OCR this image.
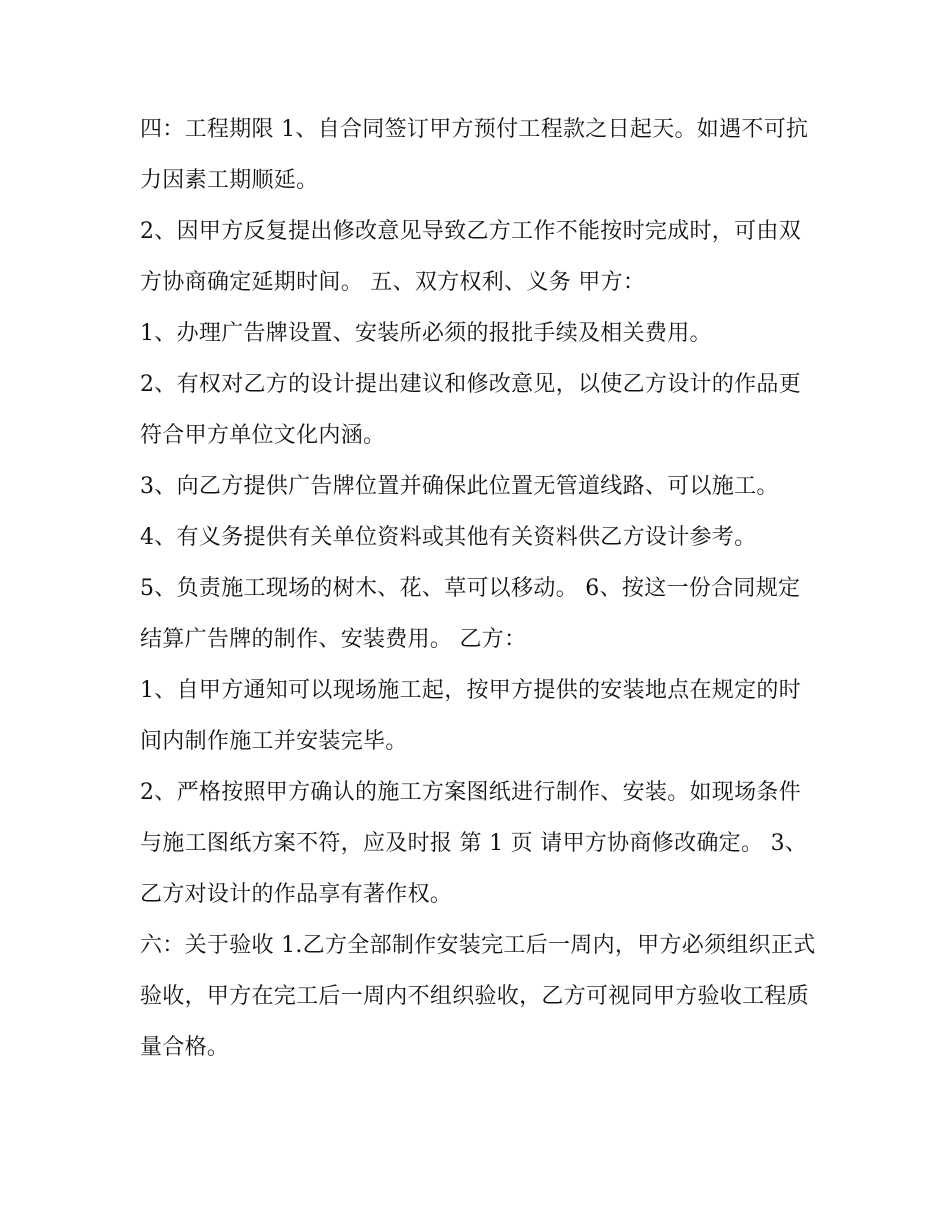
四：工程期限 1、自合同签订甲方预付工程款之日起天。如遇不可抗力因素工期顺延。

2、因甲方反复提出修改意见导致乙方工作不能按时完成时，可由双方协商确定延期时间。 五、双方权利、义务 甲方：

1、办理广告牌设置、安装所必须的报批手续及相关费用。

2、有权对乙方的设计提出建议和修改意见，以使乙方设计的作品更符合甲方单位文化内涵。

3、向乙方提供广告牌位置并确保此位置无管道线路、可以施工。 4、有义务提供有关单位资料或其他有关资料供乙方设计参考。

5、负责施工现场的树木、花、草可以移动。 6、按这一份合同规定结算广告牌的制作、安装费用。 乙方：

1、自甲方通知可以现场施工起，按甲方提供的安装地点在规定的时间内制作施工并安装完毕。

2、严格按照甲方确认的施工方案图纸进行制作、安装。如现场条件与施工图纸方案不符，应及时报 第 1 页 请甲方协商修改确定。 3、乙方对设计的作品享有著作权。

六：关于验收 1.乙方全部制作安装完工后一周内，甲方必须组织正式验收，甲方在完工后一周内不组织验收，乙方可视同甲方验收工程质量合格。
